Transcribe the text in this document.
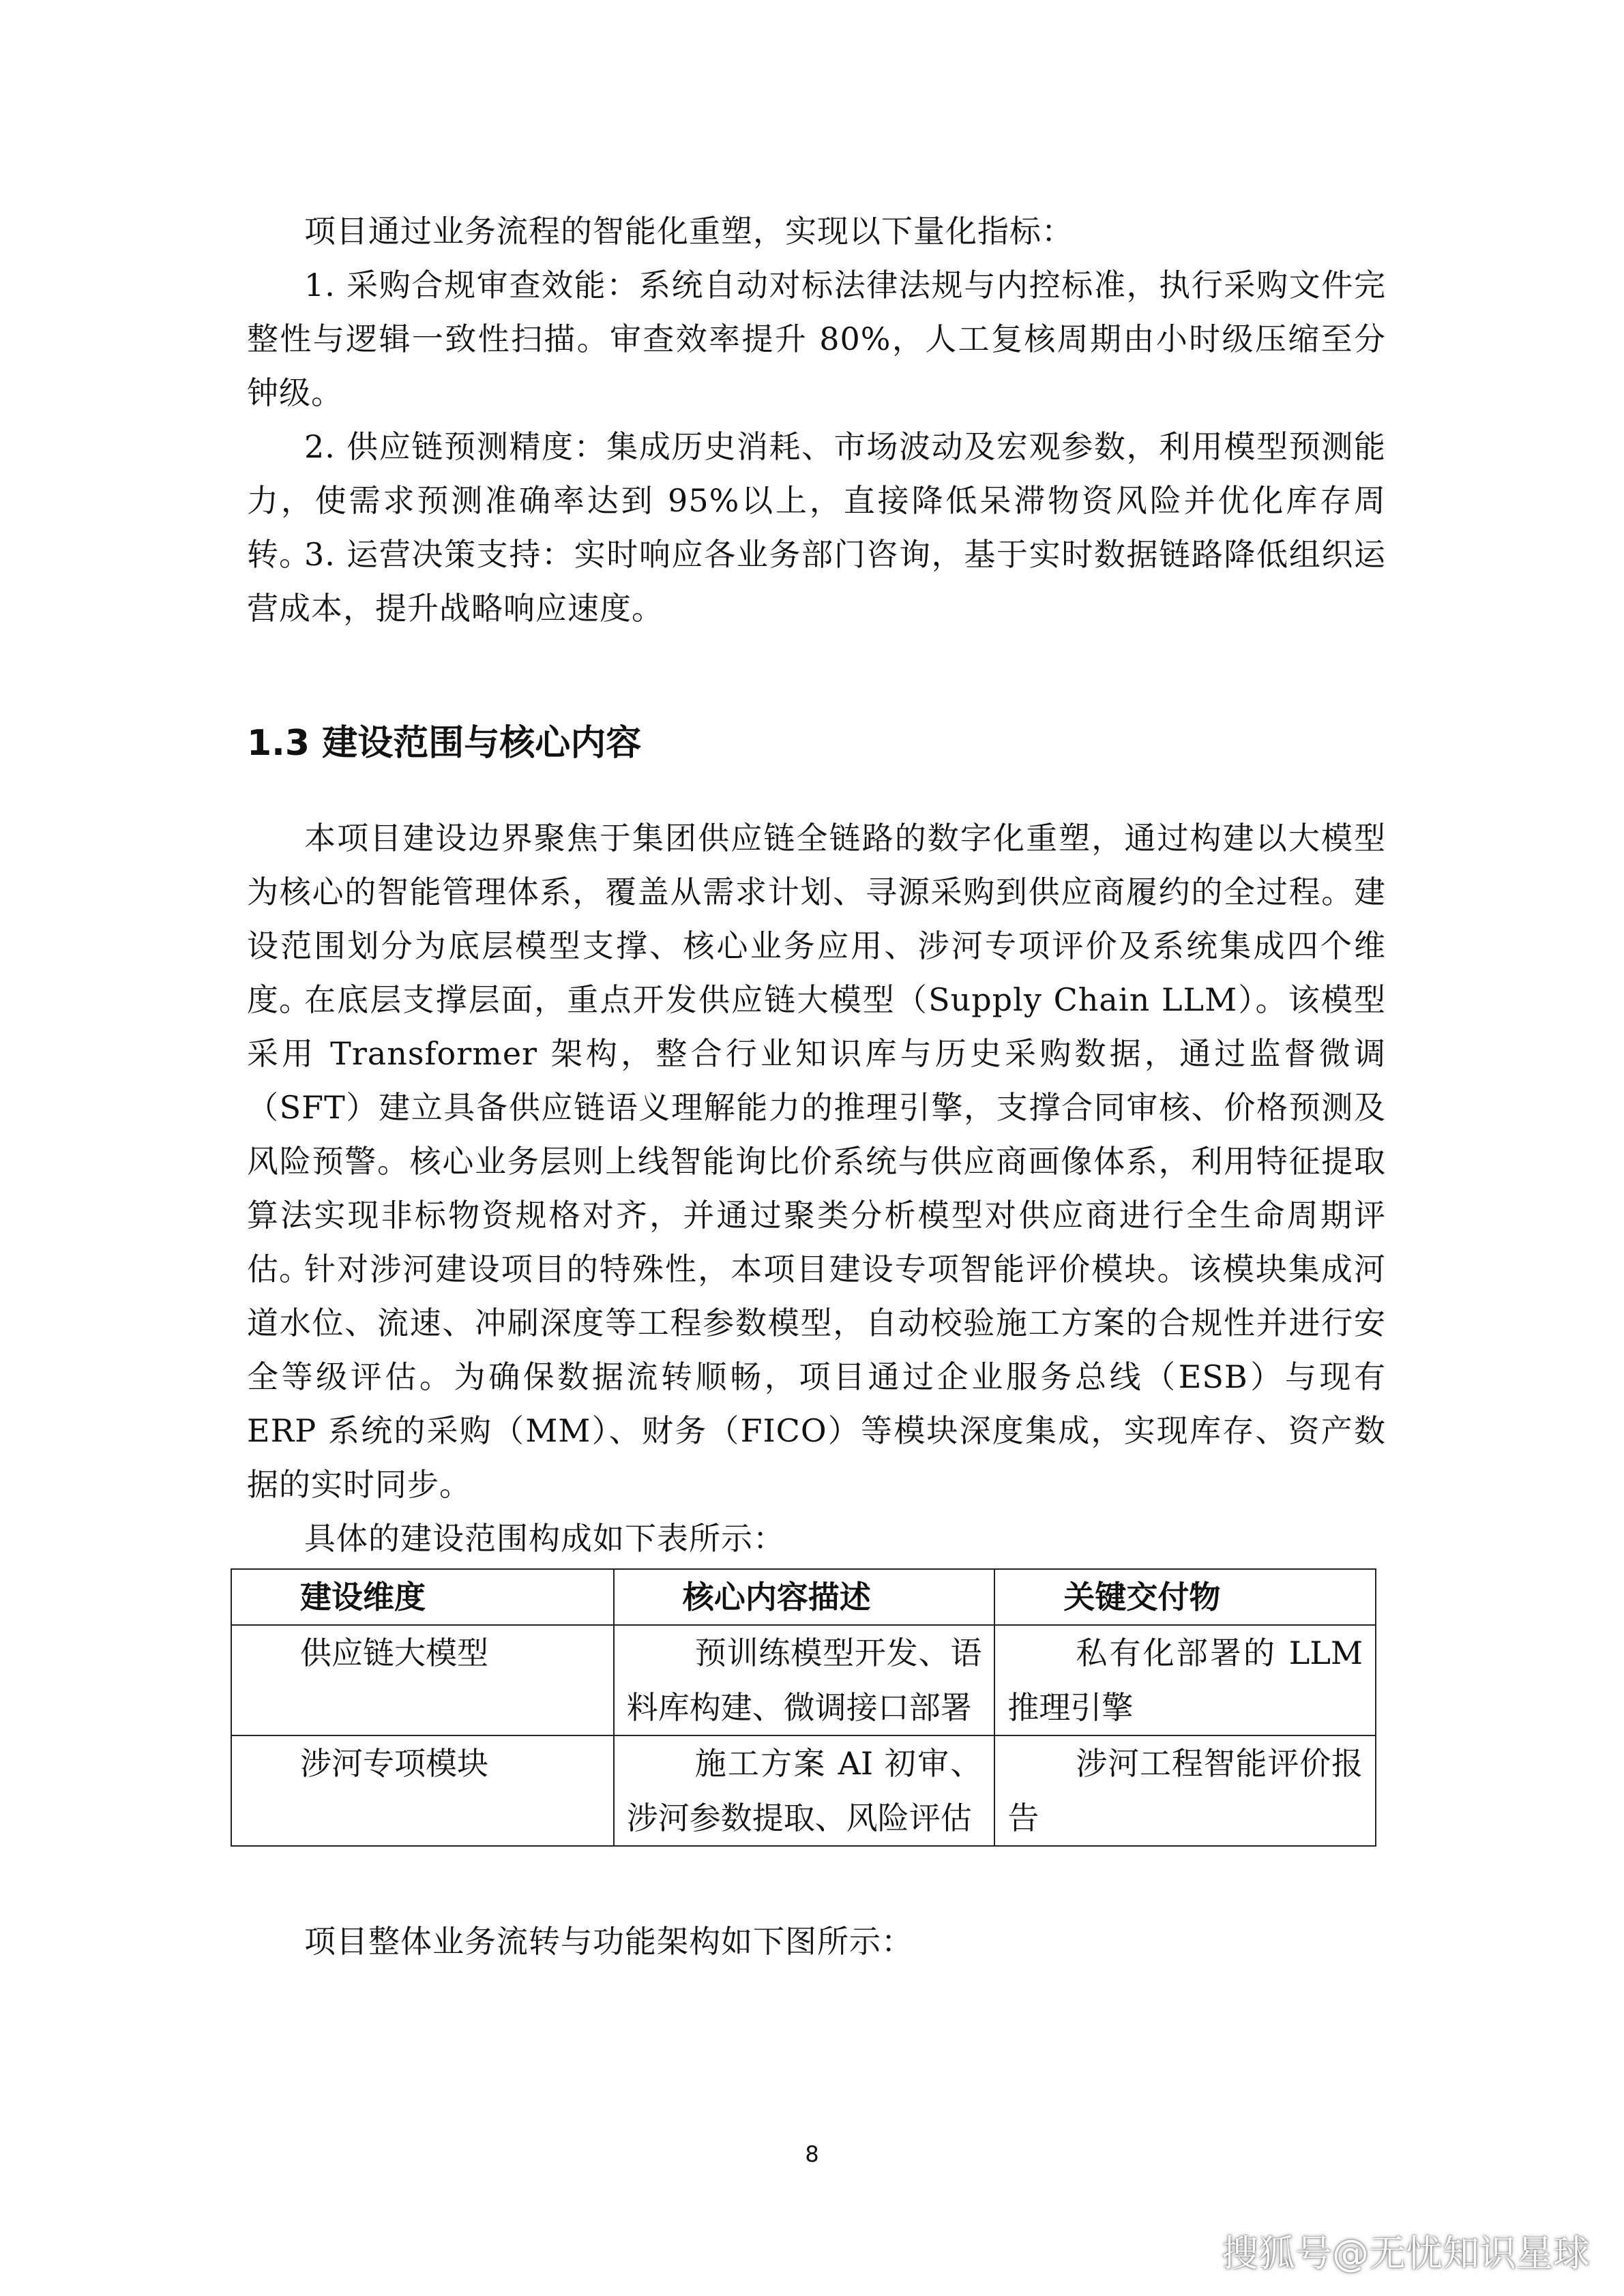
项目通过业务流程的智能化重塑，实现以下量化指标：

1. 采购合规审查效能：系统自动对标法律法规与内控标准，执行采购文件完整性与逻辑一致性扫描。审查效率提升 80%，人工复核周期由小时级压缩至分钟级。

2. 供应链预测精度：集成历史消耗、市场波动及宏观参数，利用模型预测能力，使需求预测准确率达到 95%以上，直接降低呆滞物资风险并优化库存周转。

3. 运营决策支持：实时响应各业务部门咨询，基于实时数据链路降低组织运营成本，提升战略响应速度。

1.3 建设范围与核心内容

本项目建设边界聚焦于集团供应链全链路的数字化重塑，通过构建以大模型为核心的智能管理体系，覆盖从需求计划、寻源采购到供应商履约的全过程。建设范围划分为底层模型支撑、核心业务应用、涉河专项评价及系统集成四个维度。

在底层支撑层面，重点开发供应链大模型（Supply Chain LLM）。该模型采用 Transformer 架构，整合行业知识库与历史采购数据，通过监督微调（SFT）建立具备供应链语义理解能力的推理引擎，支撑合同审核、价格预测及风险预警。核心业务层则上线智能询比价系统与供应商画像体系，利用特征提取算法实现非标物资规格对齐，并通过聚类分析模型对供应商进行全生命周期评估。

针对涉河建设项目的特殊性，本项目建设专项智能评价模块。该模块集成河道水位、流速、冲刷深度等工程参数模型，自动校验施工方案的合规性并进行安全等级评估。为确保数据流转顺畅，项目通过企业服务总线（ESB）与现有 ERP 系统的采购（MM）、财务（FICO）等模块深度集成，实现库存、资产数据的实时同步。

具体的建设范围构成如下表所示：

建设维度	核心内容描述	关键交付物
供应链大模型	预训练模型开发、语料库构建、微调接口部署	私有化部署的 LLM 推理引擎
涉河专项模块	施工方案 AI 初审、涉河参数提取、风险评估	涉河工程智能评价报告

项目整体业务流转与功能架构如下图所示：

8
搜狐号@无忧知识星球
